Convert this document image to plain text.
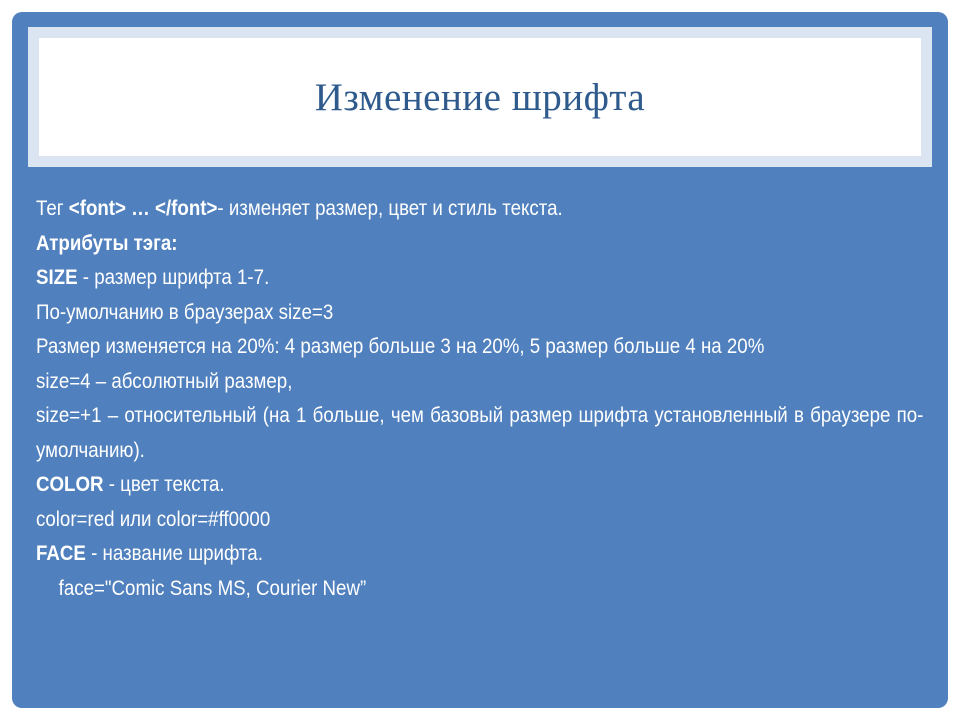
Изменение шрифта

Тег <font> … </font>- изменяет размер, цвет и стиль текста.

Атрибуты тэга:

SIZE - размер шрифта 1-7.

По-умолчанию в браузерах size=3

Размер изменяется на 20%: 4 размер больше 3 на 20%, 5 размер больше 4 на 20%

size=4 – абсолютный размер,

size=+1 – относительный (на 1 больше, чем базовый размер шрифта установленный в браузере по-умолчанию).

COLOR - цвет текста.

color=red или color=#ff0000

FACE - название шрифта.

face="Comic Sans MS, Courier New”
